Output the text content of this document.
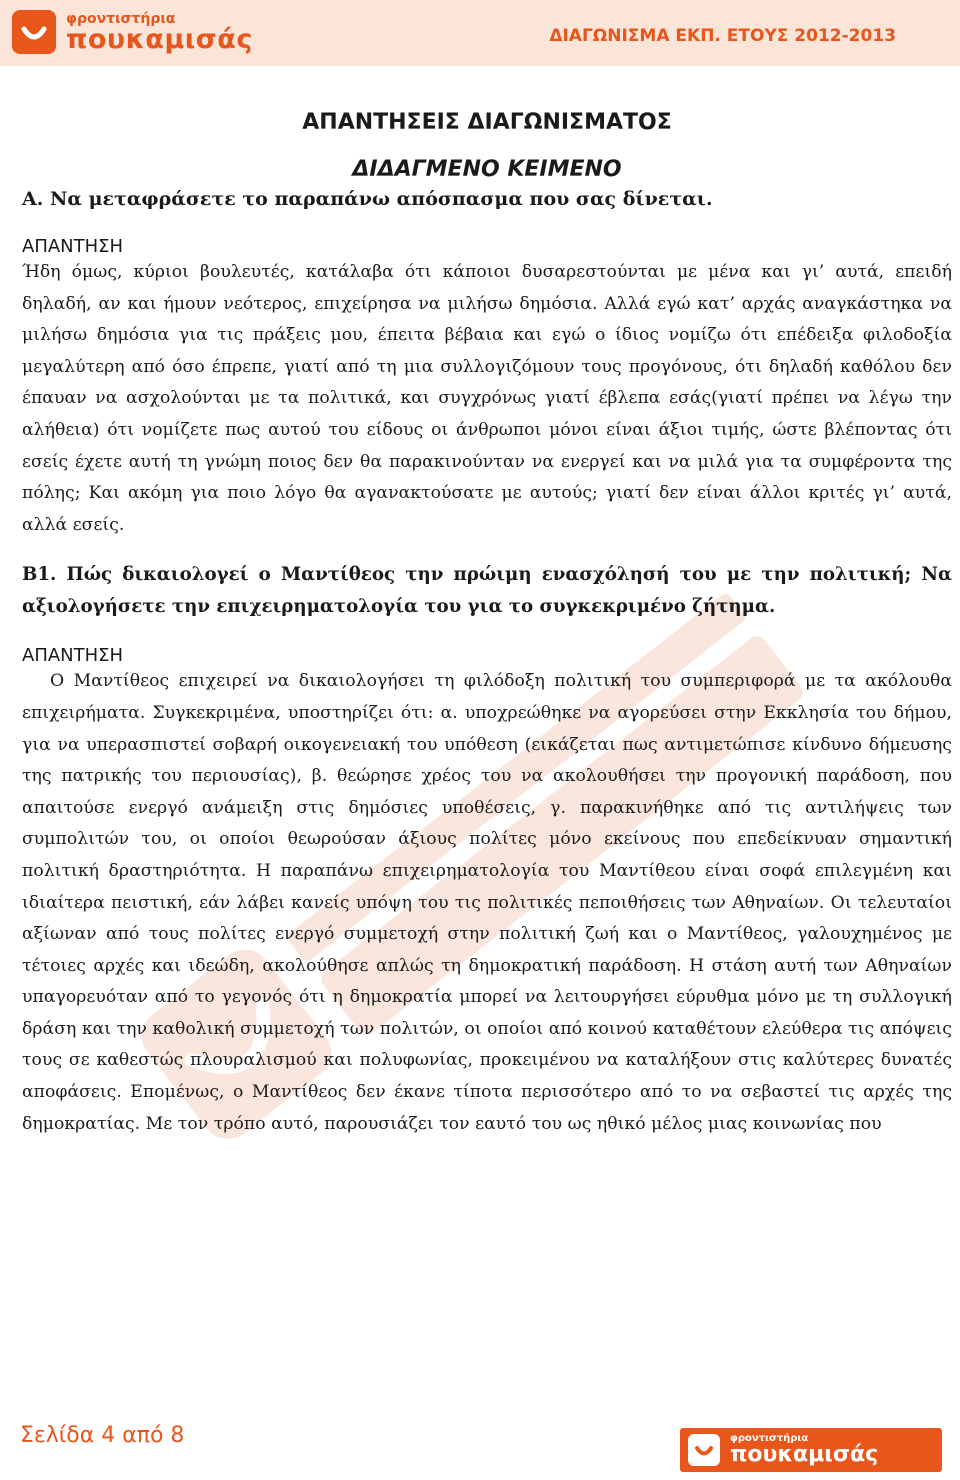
φροντιστήρια
πουκαμισάς	ΔΙΑΓΩΝΙΣΜΑ ΕΚΠ. ΕΤΟΥΣ 2012-2013
ΑΠΑΝΤΗΣΕΙΣ ΔΙΑΓΩΝΙΣΜΑΤΟΣ
ΔΙΔΑΓΜΕΝΟ ΚΕΙΜΕΝΟ

Α. Να μεταφράσετε το παραπάνω απόσπασμα που σας δίνεται.

ΑΠΑΝΤΗΣΗ

Ήδη όμως, κύριοι βουλευτές, κατάλαβα ότι κάποιοι δυσαρεστούνται με μένα και γι’ αυτά, επειδή δηλαδή, αν και ήμουν νεότερος, επιχείρησα να μιλήσω δημόσια. Αλλά εγώ κατ’ αρχάς αναγκάστηκα να μιλήσω δημόσια για τις πράξεις μου, έπειτα βέβαια και εγώ ο ίδιος νομίζω ότι επέδειξα φιλοδοξία μεγαλύτερη από όσο έπρεπε, γιατί από τη μια συλλογιζόμουν τους προγόνους, ότι δηλαδή καθόλου δεν έπαυαν να ασχολούνται με τα πολιτικά, και συγχρόνως γιατί έβλεπα εσάς(γιατί πρέπει να λέγω την αλήθεια) ότι νομίζετε πως αυτού του είδους οι άνθρωποι μόνοι είναι άξιοι τιμής, ώστε βλέποντας ότι εσείς έχετε αυτή τη γνώμη ποιος δεν θα παρακινούνταν να ενεργεί και να μιλά για τα συμφέροντα της πόλης; Και ακόμη για ποιο λόγο θα αγανακτούσατε με αυτούς; γιατί δεν είναι άλλοι κριτές γι’ αυτά, αλλά εσείς.

Β1. Πώς δικαιολογεί ο Μαντίθεος την πρώιμη ενασχόλησή του με την πολιτική; Να αξιολογήσετε την επιχειρηματολογία του για το συγκεκριμένο ζήτημα.

ΑΠΑΝΤΗΣΗ

Ο Μαντίθεος επιχειρεί να δικαιολογήσει τη φιλόδοξη πολιτική του συμπεριφορά με τα ακόλουθα επιχειρήματα. Συγκεκριμένα, υποστηρίζει ότι: α. υποχρεώθηκε να αγορεύσει στην Εκκλησία του δήμου, για να υπερασπιστεί σοβαρή οικογενειακή του υπόθεση (εικάζεται πως αντιμετώπισε κίνδυνο δήμευσης της πατρικής του περιουσίας), β. θεώρησε χρέος του να ακολουθήσει την προγονική παράδοση, που απαιτούσε ενεργό ανάμειξη στις δημόσιες υποθέσεις, γ. παρακινήθηκε από τις αντιλήψεις των συμπολιτών του, οι οποίοι θεωρούσαν άξιους πολίτες μόνο εκείνους που επεδείκνυαν σημαντική πολιτική δραστηριότητα. Η παραπάνω επιχειρηματολογία του Μαντίθεου είναι σοφά επιλεγμένη και ιδιαίτερα πειστική, εάν λάβει κανείς υπόψη του τις πολιτικές πεποιθήσεις των Αθηναίων. Οι τελευταίοι αξίωναν από τους πολίτες ενεργό συμμετοχή στην πολιτική ζωή και ο Μαντίθεος, γαλουχημένος με τέτοιες αρχές και ιδεώδη, ακολούθησε απλώς τη δημοκρατική παράδοση. Η στάση αυτή των Αθηναίων υπαγορευόταν από το γεγονός ότι η δημοκρατία μπορεί να λειτουργήσει εύρυθμα μόνο με τη συλλογική δράση και την καθολική συμμετοχή των πολιτών, οι οποίοι από κοινού καταθέτουν ελεύθερα τις απόψεις τους σε καθεστώς πλουραλισμού και πολυφωνίας, προκειμένου να καταλήξουν στις καλύτερες δυνατές αποφάσεις. Επομένως, ο Μαντίθεος δεν έκανε τίποτα περισσότερο από το να σεβαστεί τις αρχές της δημοκρατίας. Με τον τρόπο αυτό, παρουσιάζει τον εαυτό του ως ηθικό μέλος μιας κοινωνίας που

Σελίδα 4 από 8	φροντιστήρια
πουκαμισάς
